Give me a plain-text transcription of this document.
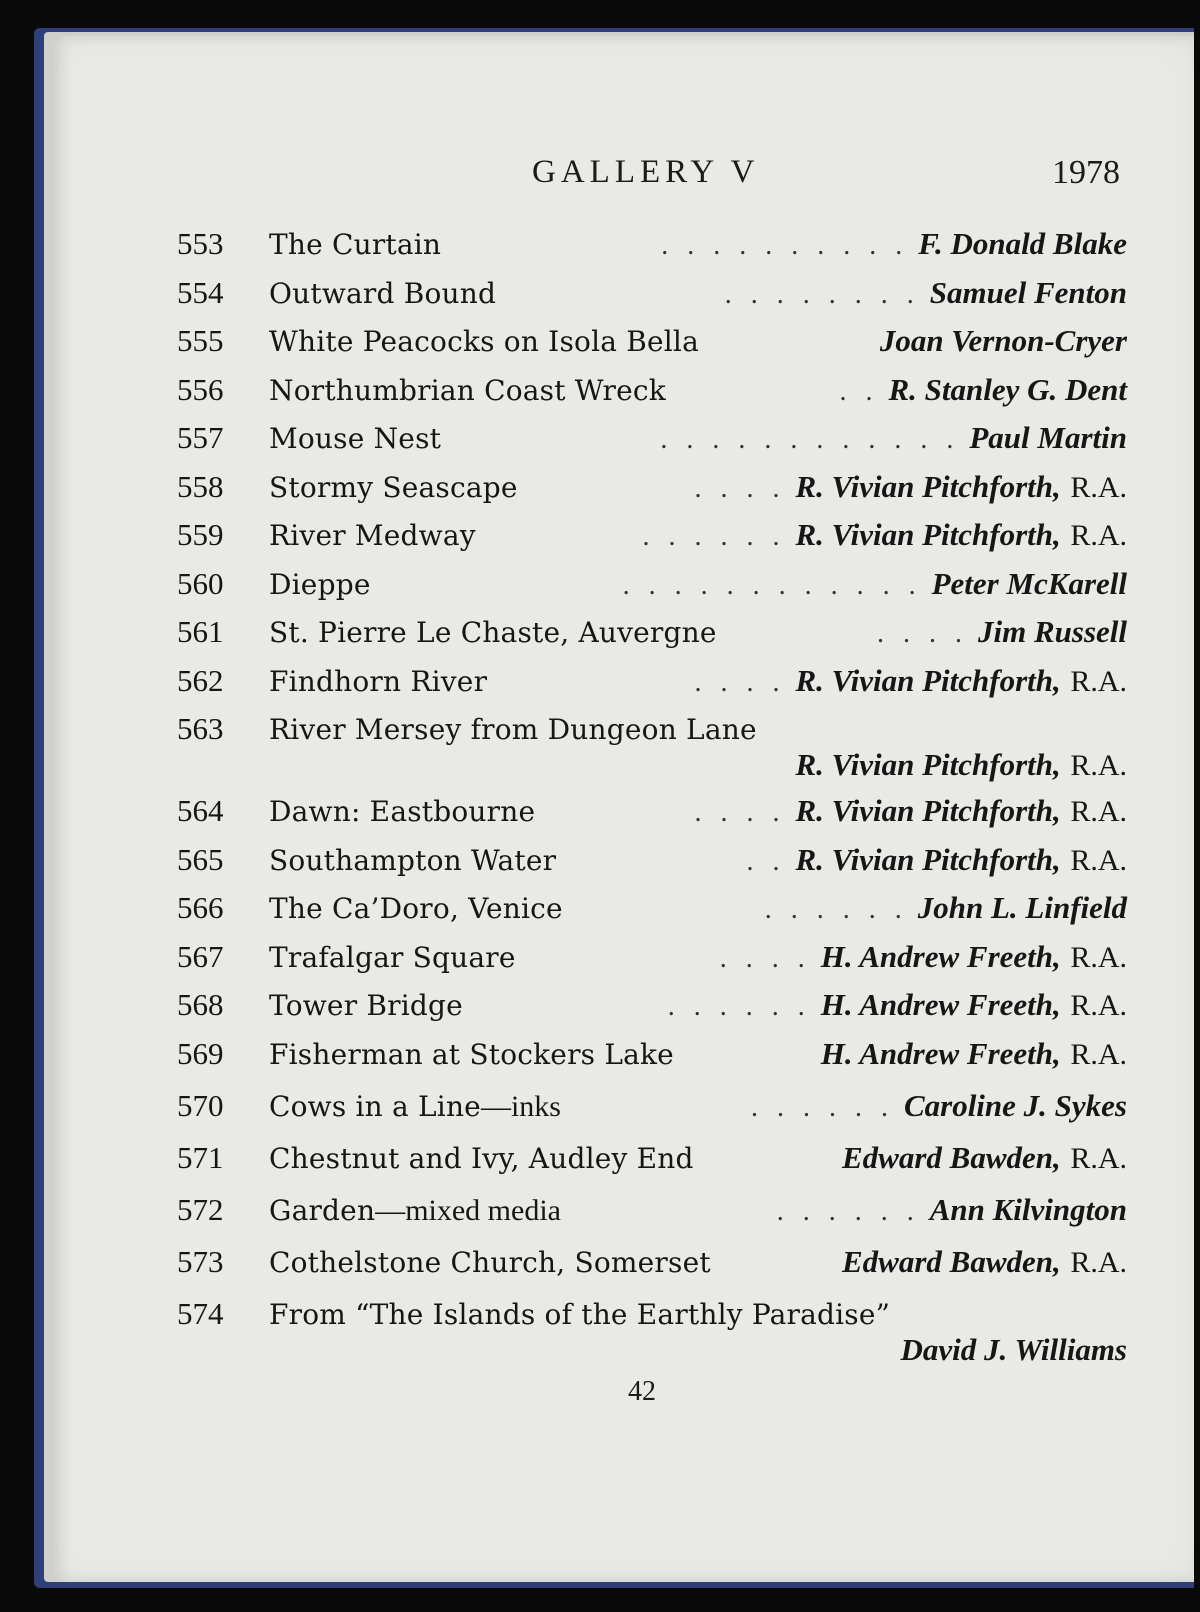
GALLERY V	1978
553	The Curtain	. . . . . . . . . . F. Donald Blake
554	Outward Bound	. . . . . . . . Samuel Fenton
555	White Peacocks on Isola Bella	Joan Vernon-Cryer
556	Northumbrian Coast Wreck	. . R. Stanley G. Dent
557	Mouse Nest	. . . . . . . . . . . . Paul Martin
558	Stormy Seascape	. . . . R. Vivian Pitchforth, R.A.
559	River Medway	. . . . . . R. Vivian Pitchforth, R.A.
560	Dieppe	. . . . . . . . . . . . Peter McKarell
561	St. Pierre Le Chaste, Auvergne	. . . . Jim Russell
562	Findhorn River	. . . . R. Vivian Pitchforth, R.A.
563	River Mersey from Dungeon Lane
R. Vivian Pitchforth, R.A.
564	Dawn: Eastbourne	. . . . R. Vivian Pitchforth, R.A.
565	Southampton Water	. . R. Vivian Pitchforth, R.A.
566	The Ca’Doro, Venice	. . . . . . John L. Linfield
567	Trafalgar Square	. . . . H. Andrew Freeth, R.A.
568	Tower Bridge	. . . . . . H. Andrew Freeth, R.A.
569	Fisherman at Stockers Lake	H. Andrew Freeth, R.A.
570	Cows in a Line—inks	. . . . . . Caroline J. Sykes
571	Chestnut and Ivy, Audley End	Edward Bawden, R.A.
572	Garden—mixed media	. . . . . . Ann Kilvington
573	Cothelstone Church, Somerset	Edward Bawden, R.A.
574	From “The Islands of the Earthly Paradise”
David J. Williams
42
